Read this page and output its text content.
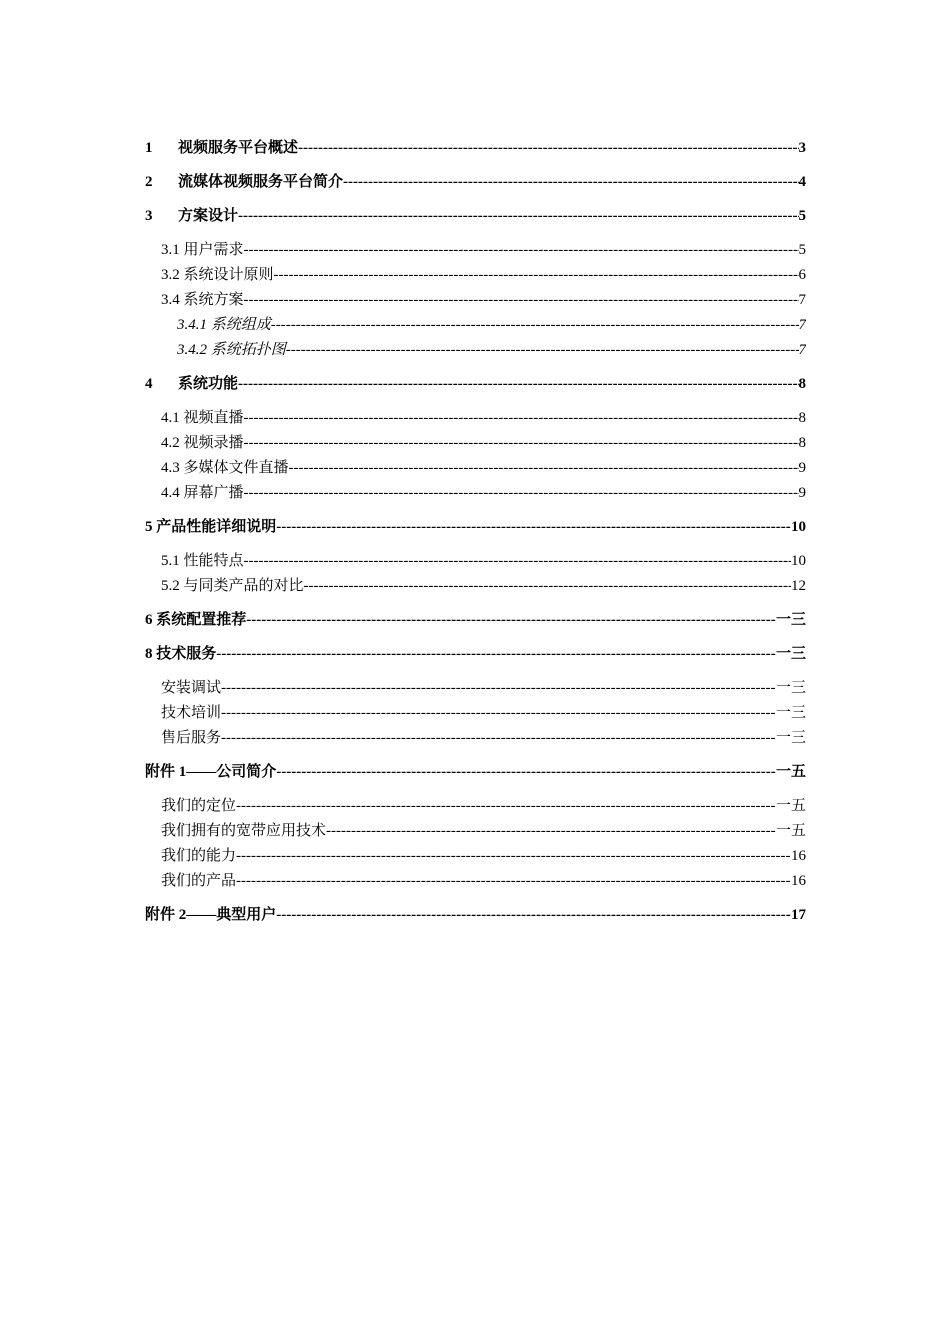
1	视频服务平台概述 -----	3
2	流媒体视频服务平台简介 -----	4
3	方案设计 -----	5
3.1 用户需求 -----	5
3.2 系统设计原则 -----	6
3.4 系统方案 -----	7
3.4.1 系统组成 -----	7
3.4.2 系统拓扑图 -----	7
4	系统功能 -----	8
4.1 视频直播 -----	8
4.2 视频录播 -----	8
4.3 多媒体文件直播 -----	9
4.4 屏幕广播 -----	9
5 产品性能详细说明 -----	10
5.1 性能特点 -----	10
5.2 与同类产品的对比 -----	12
6 系统配置推荐 -----	一三
8 技术服务 -----	一三
安装调试 -----	一三
技术培训 -----	一三
售后服务 -----	一三
附件 1——公司简介 -----	一五
我们的定位 -----	一五
我们拥有的宽带应用技术 -----	一五
我们的能力 -----	16
我们的产品 -----	16
附件 2——典型用户 -----	17
